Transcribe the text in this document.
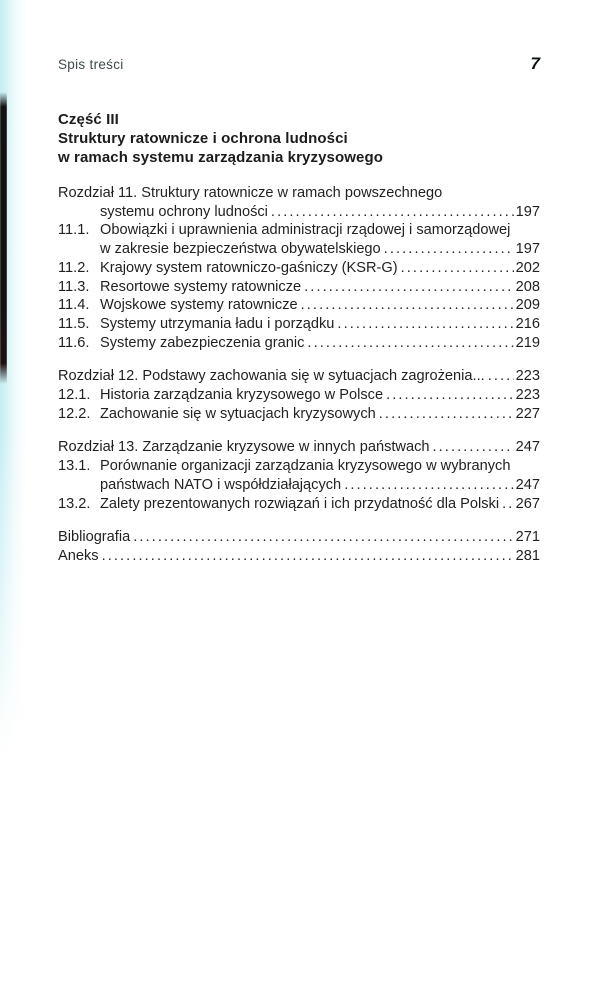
Spis treści	7
Część III
Struktury ratownicze i ochrona ludności
w ramach systemu zarządzania kryzysowego
Rozdział 11. Struktury ratownicze w ramach powszechnego
systemu ochrony ludności .....	197
11.1. Obowiązki i uprawnienia administracji rządowej i samorządowej
w zakresie bezpieczeństwa obywatelskiego .....	197
11.2. Krajowy system ratowniczo-gaśniczy (KSR-G) .....	202
11.3. Resortowe systemy ratownicze .....	208
11.4. Wojskowe systemy ratownicze .....	209
11.5. Systemy utrzymania ładu i porządku .....	216
11.6. Systemy zabezpieczenia granic .....	219
Rozdział 12. Podstawy zachowania się w sytuacjach zagrożenia... ..... 223
12.1. Historia zarządzania kryzysowego w Polsce .....	223
12.2. Zachowanie się w sytuacjach kryzysowych .....	227
Rozdział 13. Zarządzanie kryzysowe w innych państwach .....	247
13.1. Porównanie organizacji zarządzania kryzysowego w wybranych
państwach NATO i współdziałających .....	247
13.2. Zalety prezentowanych rozwiązań i ich przydatność dla Polski ..... 267
Bibliografia .....	271
Aneks .....	281
